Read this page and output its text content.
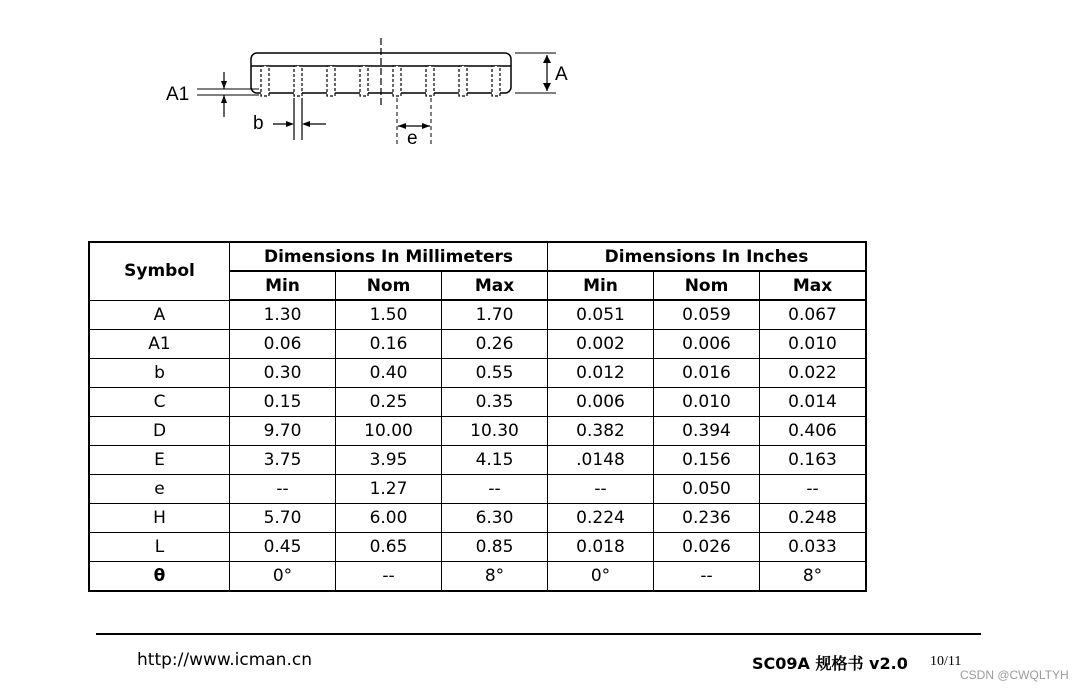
A
A1
b
e
Symbol	Dimensions In Millimeters			Dimensions In Inches		
	Min	Nom	Max	Min	Nom	Max
A	1.30	1.50	1.70	0.051	0.059	0.067
A1	0.06	0.16	0.26	0.002	0.006	0.010
b	0.30	0.40	0.55	0.012	0.016	0.022
C	0.15	0.25	0.35	0.006	0.010	0.014
D	9.70	10.00	10.30	0.382	0.394	0.406
E	3.75	3.95	4.15	.0148	0.156	0.163
e	--	1.27	--	--	0.050	--
H	5.70	6.00	6.30	0.224	0.236	0.248
L	0.45	0.65	0.85	0.018	0.026	0.033
θ	0°	--	8°	0°	--	8°
http://www.icman.cn	SC09A 规格书 v2.0 10/11
CSDN @CWQLTYH
